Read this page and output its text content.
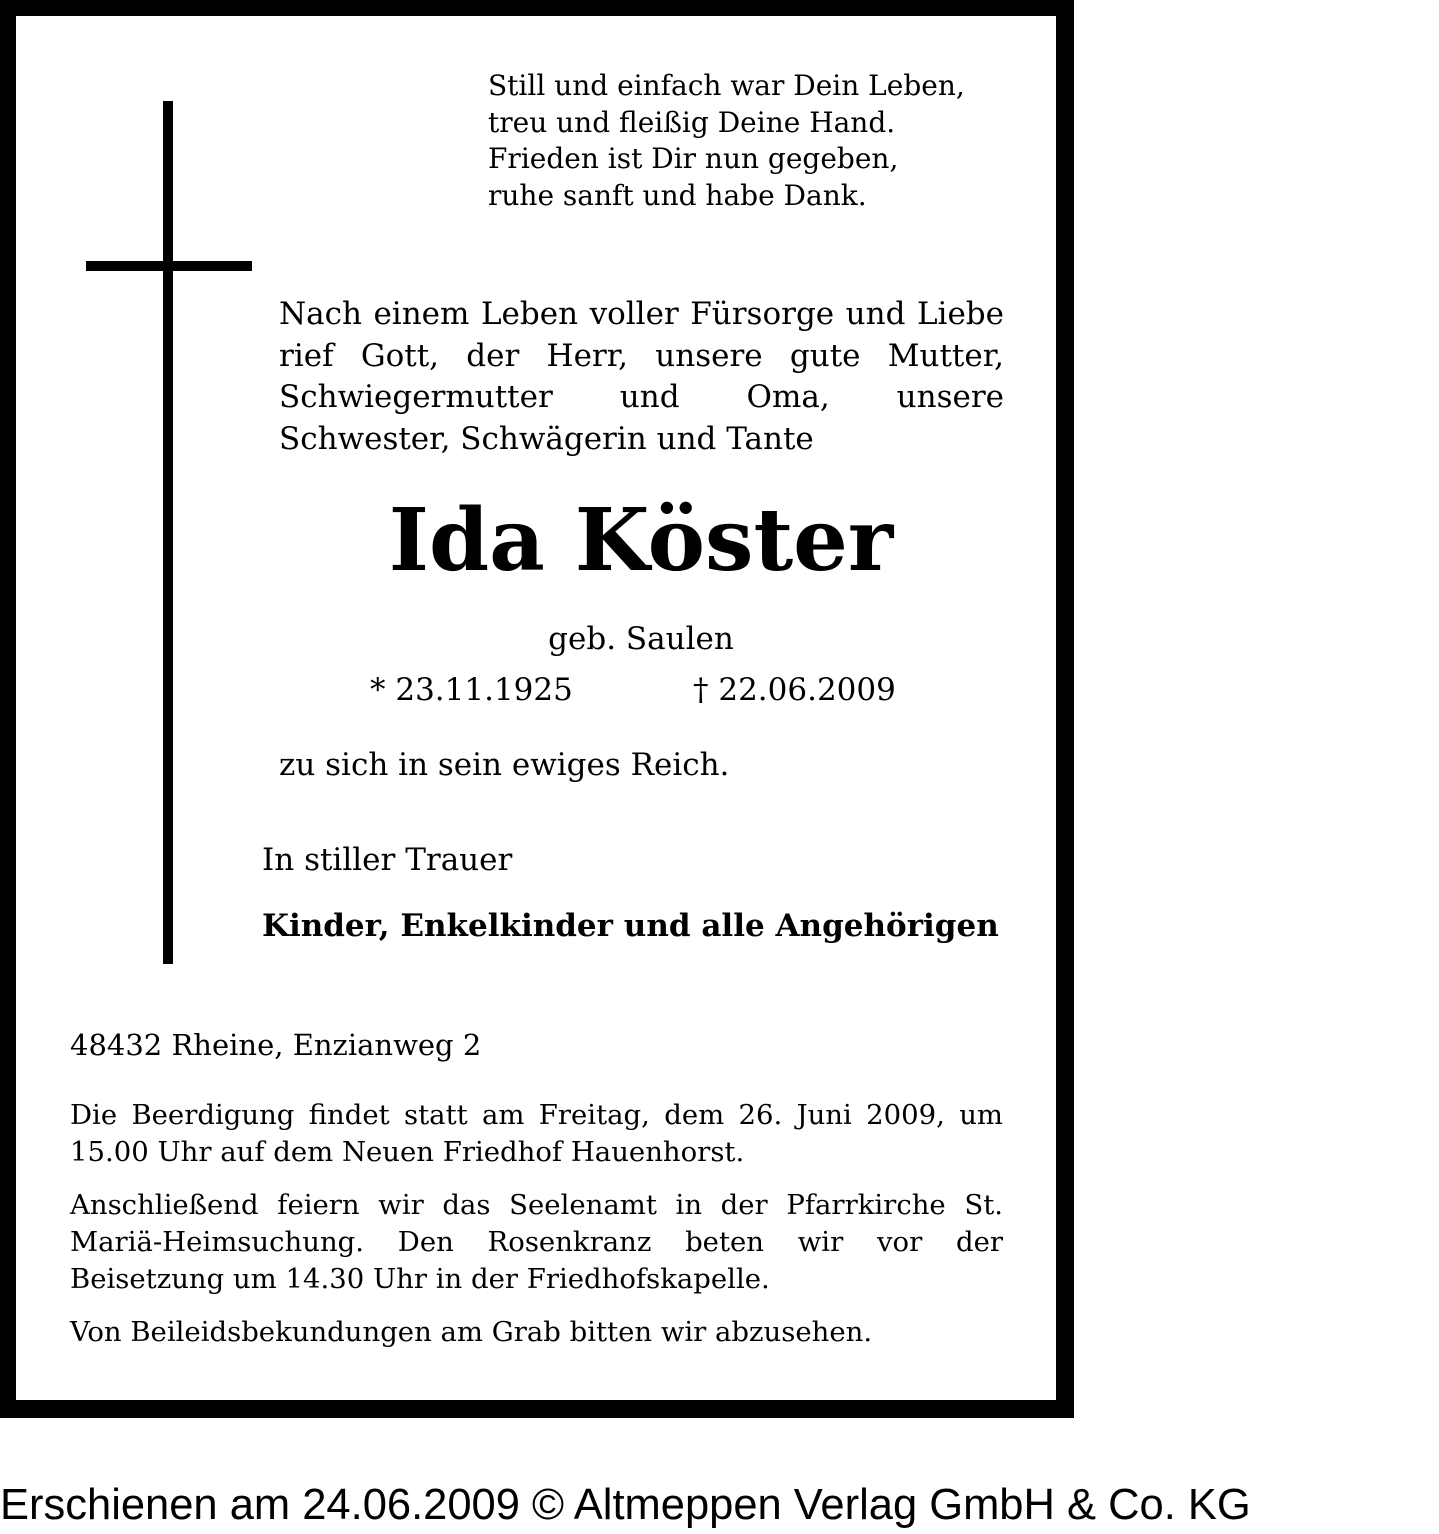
Still und einfach war Dein Leben,
treu und fleißig Deine Hand.
Frieden ist Dir nun gegeben,
ruhe sanft und habe Dank.
Nach einem Leben voller Fürsorge und Liebe rief Gott, der Herr, unsere gute Mutter, Schwiegermutter und Oma, unsere Schwester, Schwägerin und Tante
Ida Köster
geb. Saulen
* 23.11.1925	† 22.06.2009
zu sich in sein ewiges Reich.
In stiller Trauer
Kinder, Enkelkinder und alle Angehörigen
48432 Rheine, Enzianweg 2
Die Beerdigung findet statt am Freitag, dem 26. Juni 2009, um 15.00 Uhr auf dem Neuen Friedhof Hauenhorst.
Anschließend feiern wir das Seelenamt in der Pfarrkirche St. Mariä-Heimsuchung. Den Rosenkranz beten wir vor der Beisetzung um 14.30 Uhr in der Friedhofskapelle.
Von Beileidsbekundungen am Grab bitten wir abzusehen.
Erschienen am 24.06.2009 © Altmeppen Verlag GmbH & Co. KG
